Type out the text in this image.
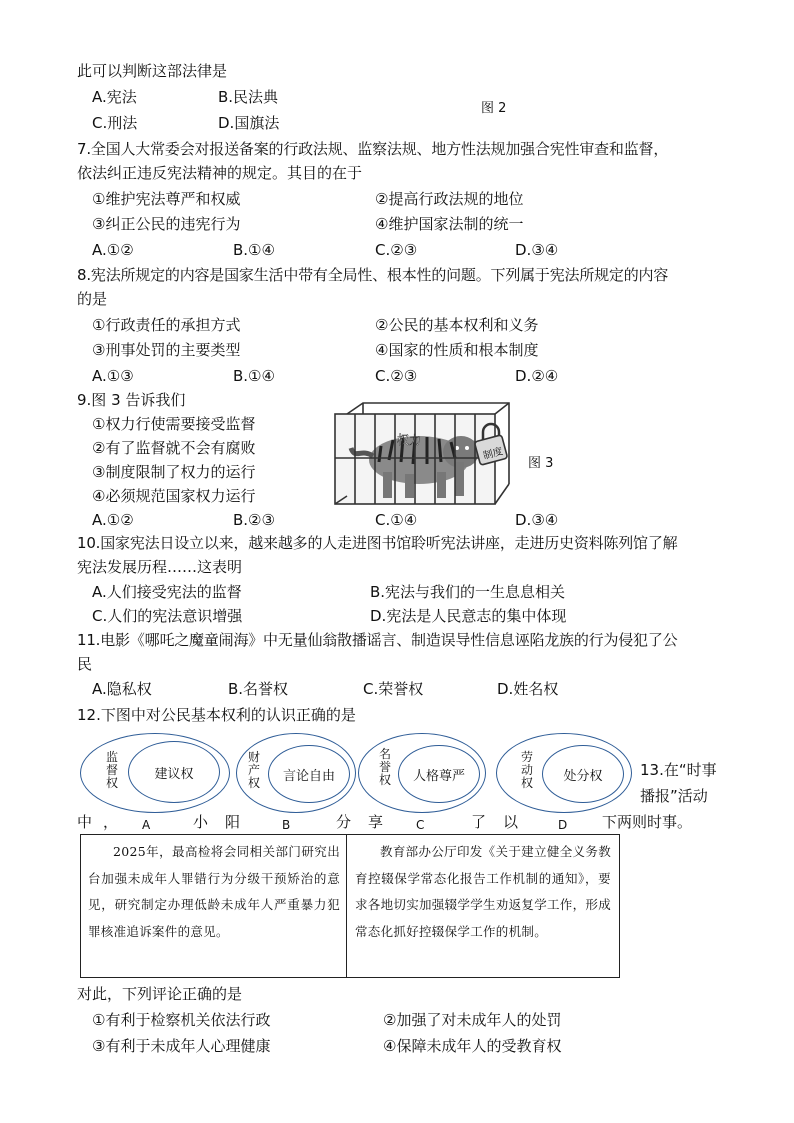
此可以判断这部法律是
A.宪法	B.民法典
C.刑法	D.国旗法
图 2
7.全国人大常委会对报送备案的行政法规、监察法规、地方性法规加强合宪性审查和监督，
依法纠正违反宪法精神的规定。其目的在于
①维护宪法尊严和权威	②提高行政法规的地位
③纠正公民的违宪行为	④维护国家法制的统一
A.①②	B.①④	C.②③	D.③④
8.宪法所规定的内容是国家生活中带有全局性、根本性的问题。下列属于宪法所规定的内容
的是
①行政责任的承担方式	②公民的基本权利和义务
③刑事处罚的主要类型	④国家的性质和根本制度
A.①③	B.①④	C.②③	D.②④
9.图 3 告诉我们
①权力行使需要接受监督
②有了监督就不会有腐败
③制度限制了权力的运行
④必须规范国家权力运行
A.①②	B.②③	C.①④	D.③④
权力
制度
图 3
10.国家宪法日设立以来，越来越多的人走进图书馆聆听宪法讲座，走进历史资料陈列馆了解
宪法发展历程……这表明
A.人们接受宪法的监督	B.宪法与我们的一生息息相关
C.人们的宪法意识增强	D.宪法是人民意志的集中体现
11.电影《哪吒之魔童闹海》中无量仙翁散播谣言、制造误导性信息诬陷龙族的行为侵犯了公
民
A.隐私权	B.名誉权	C.荣誉权	D.姓名权
12.下图中对公民基本权利的认识正确的是
监督权
建议权
A
财产权 言论自由
B
名誉权 人格尊严
C
劳动权 处分权
D
13.在“时事
播报”活动
中 ，	小 阳	分 享	了 以	下两则时事。
2025年，最高检将会同相关部门研究出台加强未成年人罪错行为分级干预矫治的意见，研究制定办理低龄未成年人严重暴力犯罪核准追诉案件的意见。
教育部办公厅印发《关于建立健全义务教育控辍保学常态化报告工作机制的通知》，要求各地切实加强辍学学生劝返复学工作，形成常态化抓好控辍保学工作的机制。
对此，下列评论正确的是
①有利于检察机关依法行政	②加强了对未成年人的处罚
③有利于未成年人心理健康	④保障未成年人的受教育权
